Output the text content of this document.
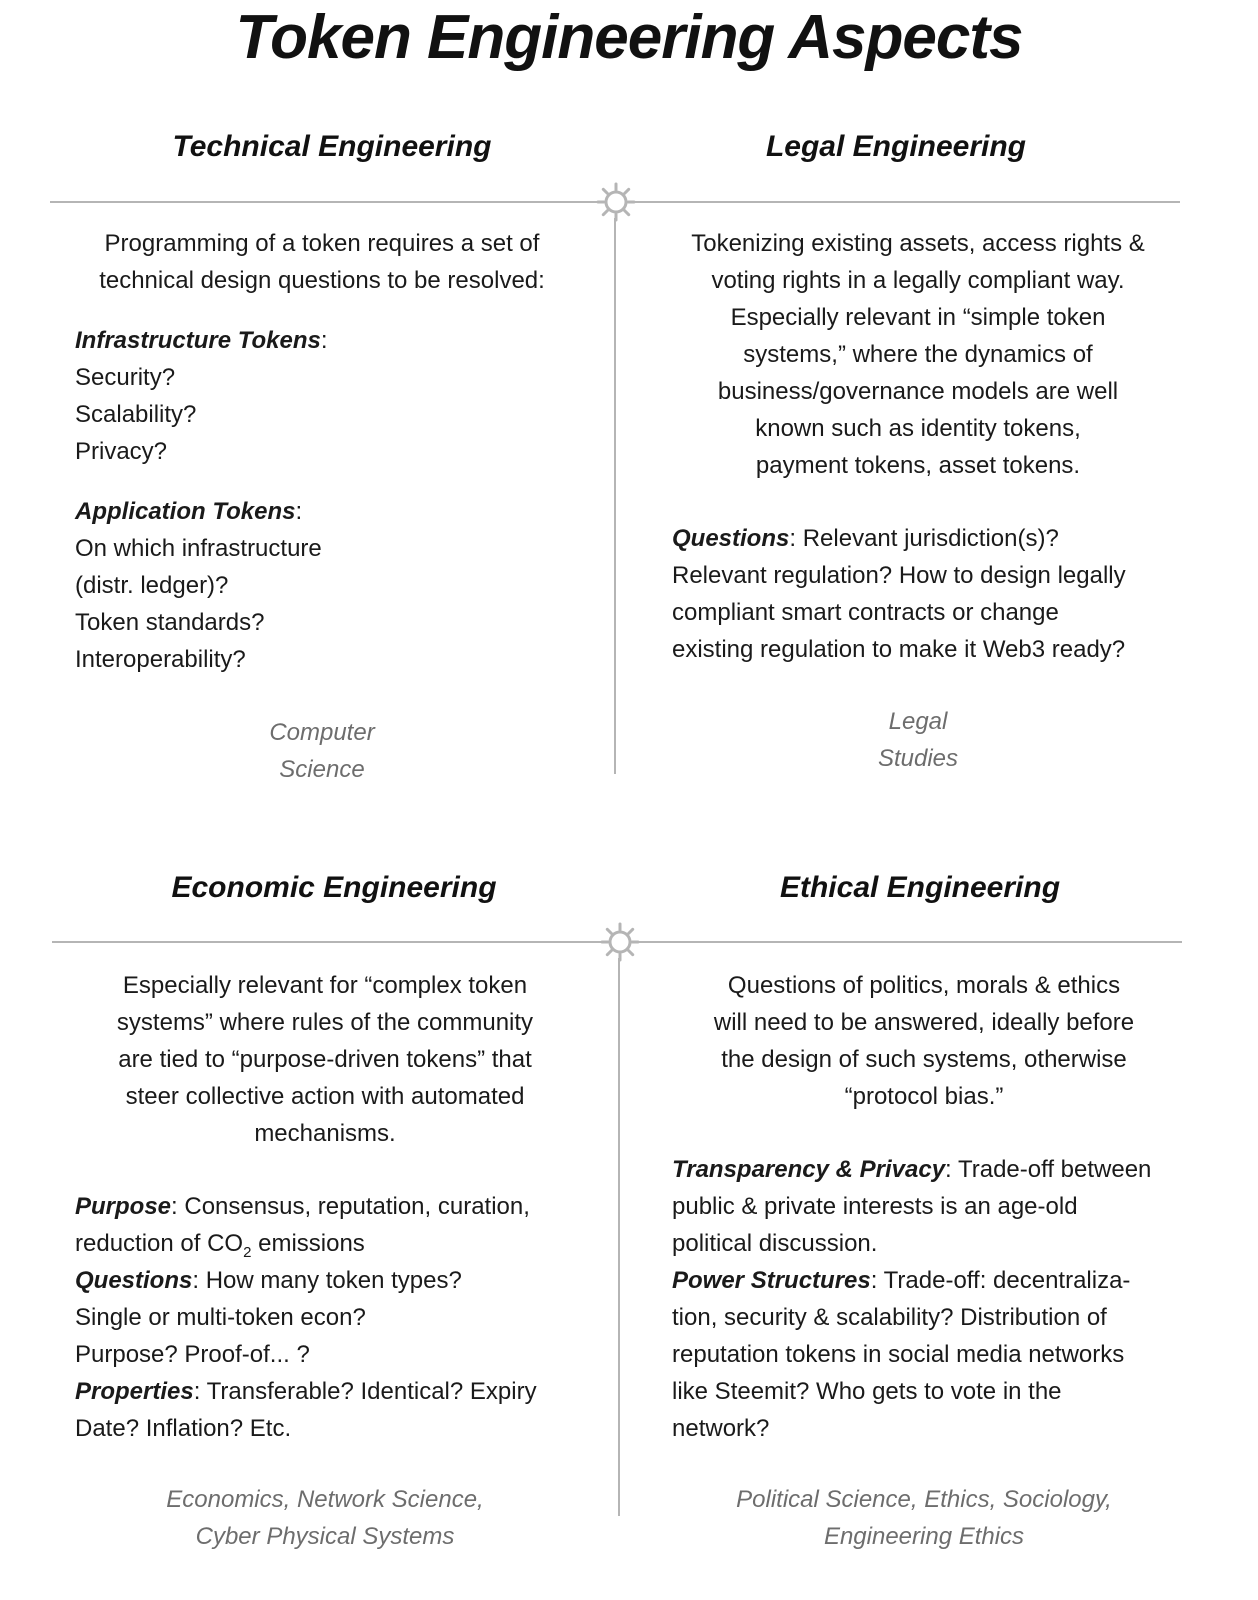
Token Engineering Aspects
Technical Engineering	Legal Engineering
Programming of a token requires a set of
technical design questions to be resolved:
Infrastructure Tokens:
Security?
Scalability?
Privacy?
Application Tokens:
On which infrastructure
(distr. ledger)?
Token standards?
Interoperability?
Computer
Science
Tokenizing existing assets, access rights &
voting rights in a legally compliant way.
Especially relevant in “simple token
systems,” where the dynamics of
business/governance models are well
known such as identity tokens,
payment tokens, asset tokens.
Questions: Relevant jurisdiction(s)?
Relevant regulation? How to design legally
compliant smart contracts or change
existing regulation to make it Web3 ready?
Legal
Studies
Economic Engineering	Ethical Engineering
Especially relevant for “complex token
systems” where rules of the community
are tied to “purpose-driven tokens” that
steer collective action with automated
mechanisms.
Purpose: Consensus, reputation, curation,
reduction of $CO_2$ emissions
Questions: How many token types?
Single or multi-token econ?
Purpose? Proof-of... ?
Properties: Transferable? Identical? Expiry
Date? Inflation? Etc.
Economics, Network Science,
Cyber Physical Systems
Questions of politics, morals & ethics
will need to be answered, ideally before
the design of such systems, otherwise
“protocol bias.”
Transparency & Privacy: Trade-off between
public & private interests is an age-old
political discussion.
Power Structures: Trade-off: decentraliza-
tion, security & scalability? Distribution of
reputation tokens in social media networks
like Steemit? Who gets to vote in the
network?
Political Science, Ethics, Sociology,
Engineering Ethics
